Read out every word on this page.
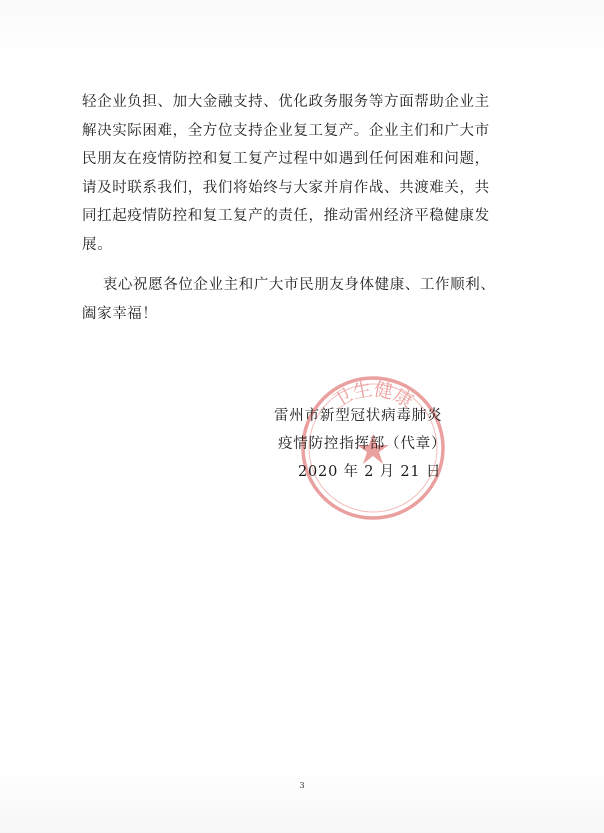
轻企业负担、加大金融支持、优化政务服务等方面帮助企业主
解决实际困难，全方位支持企业复工复产。企业主们和广大市
民朋友在疫情防控和复工复产过程中如遇到任何困难和问题，
请及时联系我们，我们将始终与大家并肩作战、共渡难关，共
同扛起疫情防控和复工复产的责任，推动雷州经济平稳健康发
展。

衷心祝愿各位企业主和广大市民朋友身体健康、工作顺利、
阖家幸福！

卫生健康
雷州市新型冠状病毒肺炎
疫情防控指挥部（代章）
2020 年 2 月 21 日
3
